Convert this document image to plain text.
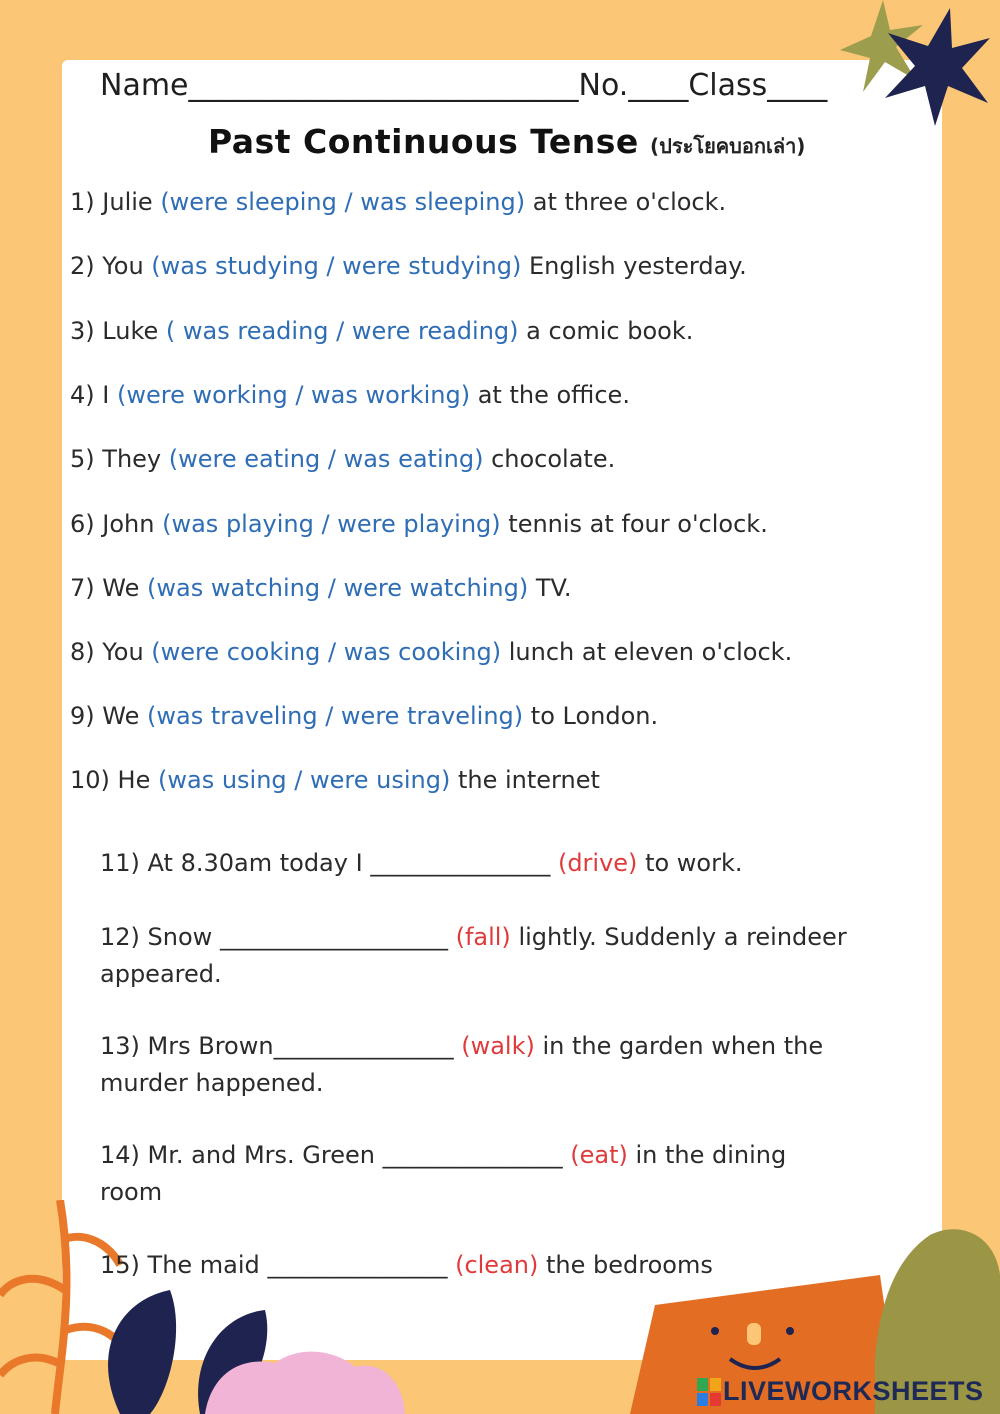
Name__________________________No.____Class____
Past Continuous Tense (ประโยคบอกเล่า)
1) Julie (were sleeping / was sleeping) at three o'clock.
2) You (was studying / were studying) English yesterday.
3) Luke ( was reading / were reading) a comic book.
4) I (were working / was working) at the office.
5) They (were eating / was eating) chocolate.
6) John (was playing / were playing) tennis at four o'clock.
7) We (was watching / were watching) TV.
8) You (were cooking / was cooking) lunch at eleven o'clock.
9) We (was traveling / were traveling) to London.
10) He (was using / were using) the internet
11) At 8.30am today I _______________ (drive) to work.
12) Snow ___________________ (fall) lightly. Suddenly a reindeer
appeared.
13) Mrs Brown_______________ (walk) in the garden when the
murder happened.
14) Mr. and Mrs. Green _______________ (eat) in the dining
room
15) The maid _______________ (clean) the bedrooms
LIVEWORKSHEETS
